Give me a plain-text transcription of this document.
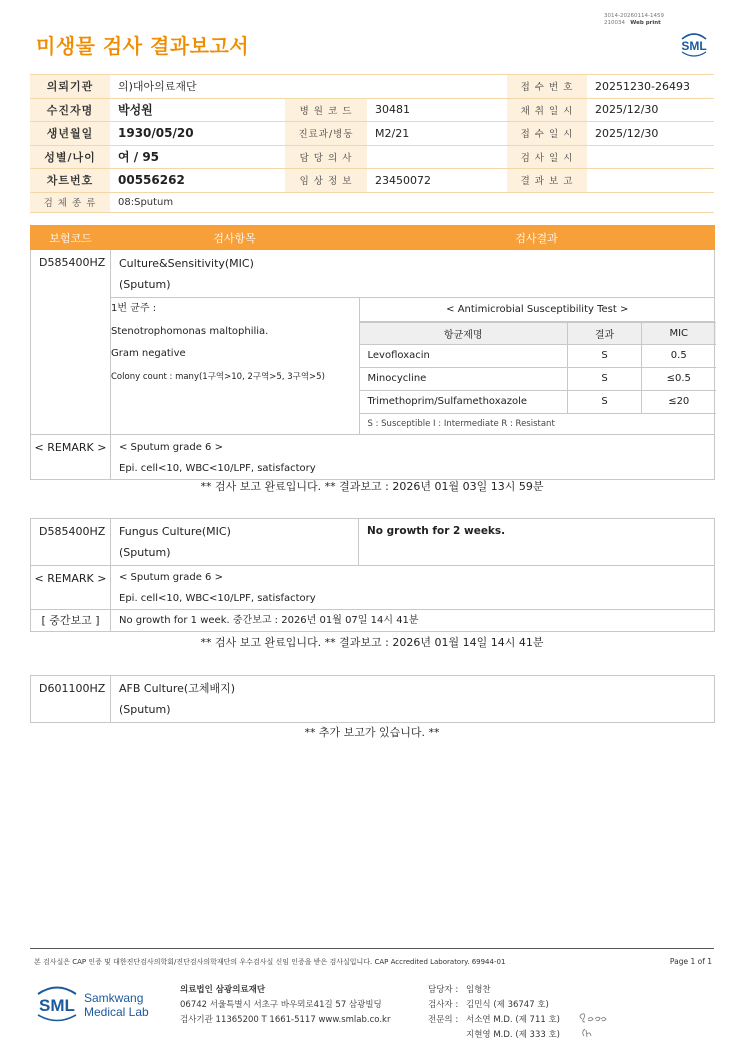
3014-20260114-1459
210034 Web print
미생물 검사 결과보고서	SML
의뢰기관	의)대아의료재단			접 수 번 호	20251230-26493
수진자명	박성원	병 원 코 드	30481	채 취 일 시	2025/12/30
생년월일	1930/05/20	진료과/병동	M2/21	접 수 일 시	2025/12/30
성별/나이	여 / 95	담 당 의 사		검 사 일 시	
차트번호	00556262	임 상 정 보	23450072	결 과 보 고	
검 체 종 류	08:Sputum				
보험코드	검사항목	검사결과
D585400HZ	Culture&Sensitivity(MIC)
(Sputum)

1번 균주 :
Stenotrophomonas maltophilia.
Gram negative
Colony count : many(1구역>10, 2구역>5, 3구역>5)
	< Antimicrobial Susceptibility Test >

항균제명	결과	MIC
Levofloxacin	S	0.5
Minocycline	S	≤0.5
Trimethoprim/Sulfamethoxazole	S	≤20
S : Susceptible I : Intermediate R : Resistant

< REMARK >	< Sputum grade 6 >
Epi. cell<10, WBC<10/LPF, satisfactory
** 검사 보고 완료입니다. ** 결과보고 : 2026년 01월 03일 13시 59분
D585400HZ	Fungus Culture(MIC)
(Sputum)	No growth for 2 weeks.

< REMARK >	< Sputum grade 6 >
Epi. cell<10, WBC<10/LPF, satisfactory	

[ 중간보고 ]	No growth for 1 week. 중간보고 : 2026년 01월 07일 14시 41분	
** 검사 보고 완료입니다. ** 결과보고 : 2026년 01월 14일 14시 41분
D601100HZ	AFB Culture(고체배지)
(Sputum)
** 추가 보고가 있습니다. **
본 검사실은 CAP 인증 및 대한진단검사의학회/진단검사의학재단의 우수검사실 신임 인증을 받은 검사실입니다. CAP Accredited Laboratory. 69944-01	Page 1 of 1
SML Samkwang
Medical Lab
의료법인 삼광의료재단
06742 서울특별시 서초구 바우뫼로41길 57 삼광빌딩
검사기관 11365200 T 1661-5117 www.smlab.co.kr
담당자 : 임형찬
검사자 : 김민식 (제 36747 호)
전문의 : 서소연 M.D. (제 711 호)
지현영 M.D. (제 333 호)
